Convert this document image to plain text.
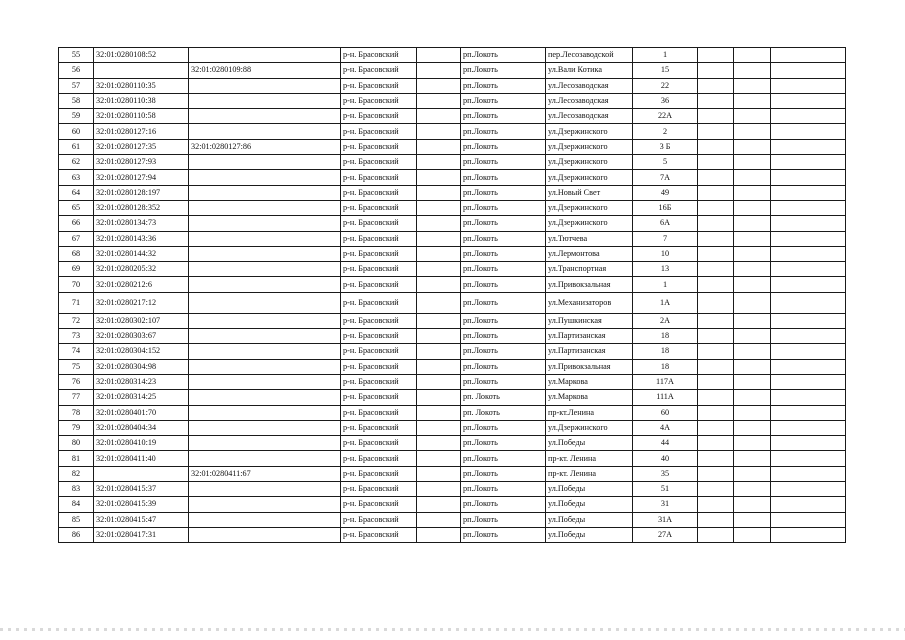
55	32:01:0280108:52		р-н. Брасовский		рп.Локоть	пер.Лесозаводской	1			
56		32:01:0280109:88	р-н. Брасовский		рп.Локоть	ул.Вали Котика	15			
57	32:01:0280110:35		р-н. Брасовский		рп.Локоть	ул.Лесозаводская	22			
58	32:01:0280110:38		р-н. Брасовский		рп.Локоть	ул.Лесозаводская	36			
59	32:01:0280110:58		р-н. Брасовский		рп.Локоть	ул.Лесозаводская	22А			
60	32:01:0280127:16		р-н. Брасовский		рп.Локоть	ул.Дзержинского	2			
61	32:01:0280127:35	32:01:0280127:86	р-н. Брасовский		рп.Локоть	ул.Дзержинского	3 Б			
62	32:01:0280127:93		р-н. Брасовский		рп.Локоть	ул.Дзержинского	5			
63	32:01:0280127:94		р-н. Брасовский		рп.Локоть	ул.Дзержинского	7А			
64	32:01:0280128:197		р-н. Брасовский		рп.Локоть	ул.Новый Свет	49			
65	32:01:0280128:352		р-н. Брасовский		рп.Локоть	ул.Дзержинского	16Б			
66	32:01:0280134:73		р-н. Брасовский		рп.Локоть	ул.Дзержинского	6А			
67	32:01:0280143:36		р-н. Брасовский		рп.Локоть	ул.Тютчева	7			
68	32:01:0280144:32		р-н. Брасовский		рп.Локоть	ул.Лермонтова	10			
69	32:01:0280205:32		р-н. Брасовский		рп.Локоть	ул.Транспортная	13			
70	32:01:0280212:6		р-н. Брасовский		рп.Локоть	ул.Привокзальная	1			
71	32:01:0280217:12		р-н. Брасовский		рп.Локоть	ул.Механизаторов	1А			
72	32:01:0280302:107		р-н. Брасовский		рп.Локоть	ул.Пушкинская	2А			
73	32:01:0280303:67		р-н. Брасовский		рп.Локоть	ул.Партизанская	18			
74	32:01:0280304:152		р-н. Брасовский		рп.Локоть	ул.Партизанская	18			
75	32:01:0280304:98		р-н. Брасовский		рп.Локоть	ул.Привокзальная	18			
76	32:01:0280314:23		р-н. Брасовский		рп.Локоть	ул.Маркова	117А			
77	32:01:0280314:25		р-н. Брасовский		рп. Локоть	ул.Маркова	111А			
78	32:01:0280401:70		р-н. Брасовский		рп. Локоть	пр-кт.Ленина	60			
79	32:01:0280404:34		р-н. Брасовский		рп.Локоть	ул.Дзержинского	4А			
80	32:01:0280410:19		р-н. Брасовский		рп.Локоть	ул.Победы	44			
81	32:01:0280411:40		р-н. Брасовский		рп.Локоть	пр-кт. Ленина	40			
82		32:01:0280411:67	р-н. Брасовский		рп.Локоть	пр-кт. Ленина	35			
83	32:01:0280415:37		р-н. Брасовский		рп.Локоть	ул.Победы	51			
84	32:01:0280415:39		р-н. Брасовский		рп.Локоть	ул.Победы	31			
85	32:01:0280415:47		р-н. Брасовский		рп.Локоть	ул.Победы	31А			
86	32:01:0280417:31		р-н. Брасовский		рп.Локоть	ул.Победы	27А			
